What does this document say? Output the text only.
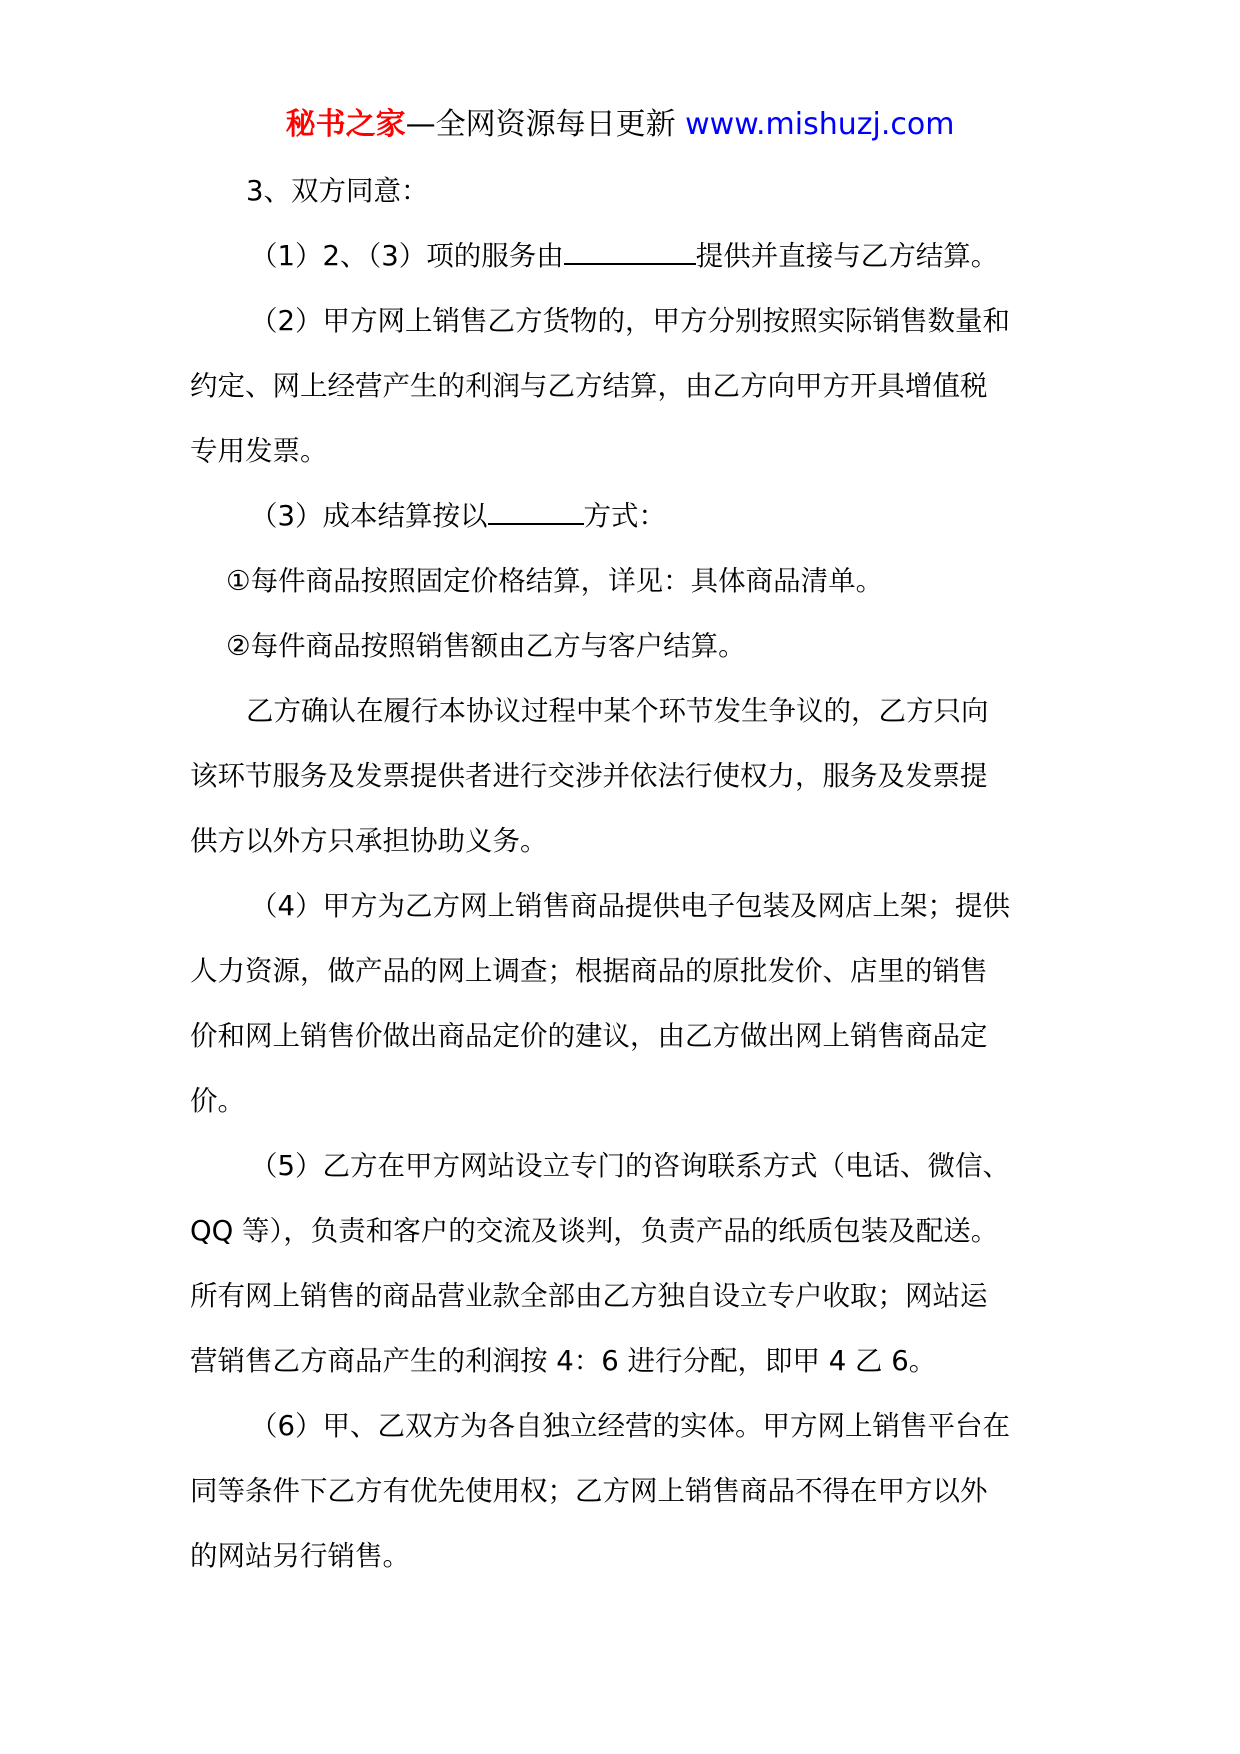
秘书之家—全网资源每日更新 www.mishuzj.com

3、双方同意：

（1）2、（3）项的服务由	提供并直接与乙方结算。

（2）甲方网上销售乙方货物的，甲方分别按照实际销售数量和

约定、网上经营产生的利润与乙方结算，由乙方向甲方开具增值税

专用发票。

（3）成本结算按以	方式：

①每件商品按照固定价格结算，详见：具体商品清单。

②每件商品按照销售额由乙方与客户结算。

乙方确认在履行本协议过程中某个环节发生争议的，乙方只向

该环节服务及发票提供者进行交涉并依法行使权力，服务及发票提

供方以外方只承担协助义务。

（4）甲方为乙方网上销售商品提供电子包装及网店上架；提供

人力资源，做产品的网上调查；根据商品的原批发价、店里的销售

价和网上销售价做出商品定价的建议，由乙方做出网上销售商品定

价。

（5）乙方在甲方网站设立专门的咨询联系方式（电话、微信、

QQ 等），负责和客户的交流及谈判，负责产品的纸质包装及配送。

所有网上销售的商品营业款全部由乙方独自设立专户收取；网站运

营销售乙方商品产生的利润按 4：6 进行分配，即甲 4 乙 6。

（6）甲、乙双方为各自独立经营的实体。甲方网上销售平台在

同等条件下乙方有优先使用权；乙方网上销售商品不得在甲方以外

的网站另行销售。
